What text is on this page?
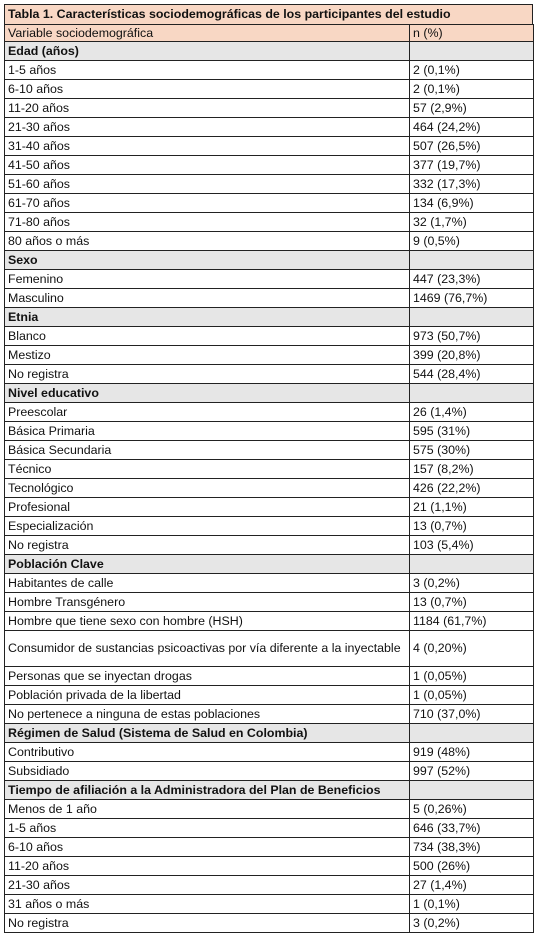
Tabla 1. Características sociodemográficas de los participantes del estudio
Variable sociodemográfica	n (%)
Edad (años)	
1-5 años	2 (0,1%)
6-10 años	2 (0,1%)
11-20 años	57 (2,9%)
21-30 años	464 (24,2%)
31-40 años	507 (26,5%)
41-50 años	377 (19,7%)
51-60 años	332 (17,3%)
61-70 años	134 (6,9%)
71-80 años	32 (1,7%)
80 años o más	9 (0,5%)
Sexo	
Femenino	447 (23,3%)
Masculino	1469 (76,7%)
Etnia	
Blanco	973 (50,7%)
Mestizo	399 (20,8%)
No registra	544 (28,4%)
Nivel educativo	
Preescolar	26 (1,4%)
Básica Primaria	595 (31%)
Básica Secundaria	575 (30%)
Técnico	157 (8,2%)
Tecnológico	426 (22,2%)
Profesional	21 (1,1%)
Especialización	13 (0,7%)
No registra	103 (5,4%)
Población Clave	
Habitantes de calle	3 (0,2%)
Hombre Transgénero	13 (0,7%)
Hombre que tiene sexo con hombre (HSH)	1184 (61,7%)
Consumidor de sustancias psicoactivas por vía diferente a la inyectable	4 (0,20%)
Personas que se inyectan drogas	1 (0,05%)
Población privada de la libertad	1 (0,05%)
No pertenece a ninguna de estas poblaciones	710 (37,0%)
Régimen de Salud (Sistema de Salud en Colombia)	
Contributivo	919 (48%)
Subsidiado	997 (52%)
Tiempo de afiliación a la Administradora del Plan de Beneficios	
Menos de 1 año	5 (0,26%)
1-5 años	646 (33,7%)
6-10 años	734 (38,3%)
11-20 años	500 (26%)
21-30 años	27 (1,4%)
31 años o más	1 (0,1%)
No registra	3 (0,2%)
